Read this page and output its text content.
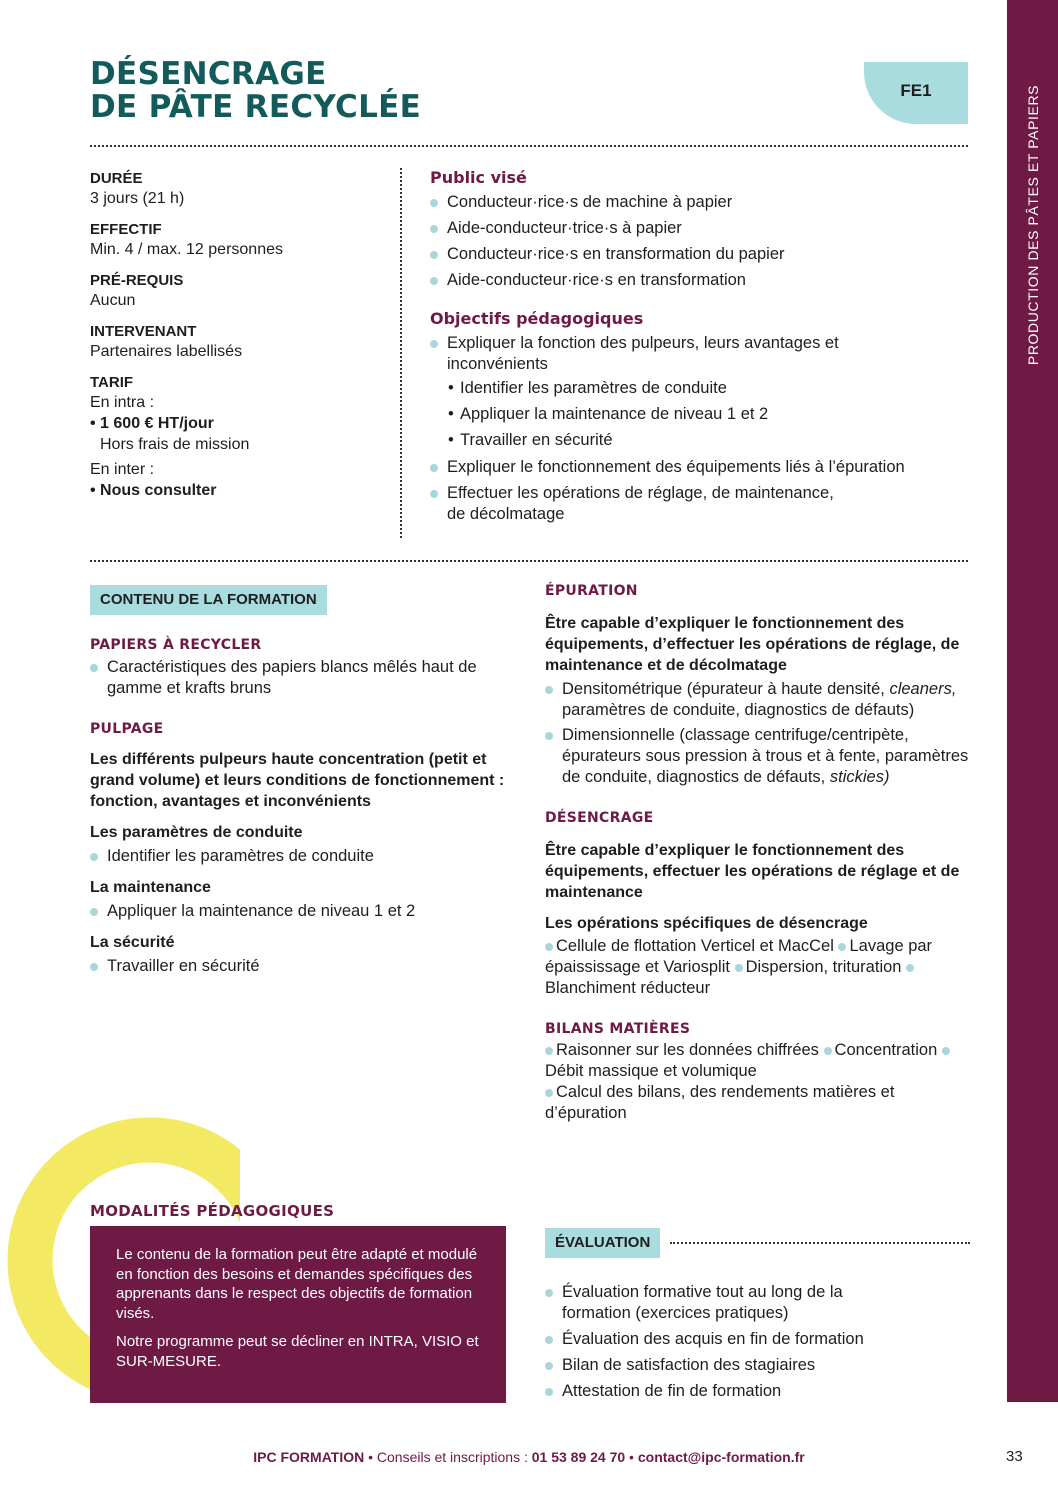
PRODUCTION DES PÂTES ET PAPIERS
DÉSENCRAGE
DE PÂTE RECYCLÉE	FE1
DURÉE
3 jours (21 h)
EFFECTIF
Min. 4 / max. 12 personnes
PRÉ-REQUIS
Aucun
INTERVENANT
Partenaires labellisés
TARIF
En intra :
• 1 600 € HT/jour
Hors frais de mission
En inter :
• Nous consulter
Public visé
Conducteur·rice·s de machine à papier
Aide-conducteur·trice·s à papier
Conducteur·rice·s en transformation du papier
Aide-conducteur·rice·s en transformation
Objectifs pédagogiques
Expliquer la fonction des pulpeurs, leurs avantages et inconvénients
• Identifier les paramètres de conduite
• Appliquer la maintenance de niveau 1 et 2
• Travailler en sécurité
Expliquer le fonctionnement des équipements liés à l’épuration
Effectuer les opérations de réglage, de maintenance,
de décolmatage
CONTENU DE LA FORMATION
PAPIERS À RECYCLER
Caractéristiques des papiers blancs mêlés haut de gamme et krafts bruns
PULPAGE
Les différents pulpeurs haute concentration (petit et grand volume) et leurs conditions de fonctionnement : fonction, avantages et inconvénients
Les paramètres de conduite
Identifier les paramètres de conduite
La maintenance
Appliquer la maintenance de niveau 1 et 2
La sécurité
Travailler en sécurité
ÉPURATION
Être capable d’expliquer le fonctionnement des équipements, d’effectuer les opérations de réglage, de maintenance et de décolmatage
Densitométrique (épurateur à haute densité, cleaners, paramètres de conduite, diagnostics de défauts)
Dimensionnelle (classage centrifuge/centripète, épurateurs sous pression à trous et à fente, paramètres de conduite, diagnostics de défauts, stickies)
DÉSENCRAGE
Être capable d’expliquer le fonctionnement des équipements, effectuer les opérations de réglage et de maintenance
Les opérations spécifiques de désencrage
Cellule de flottation Verticel et MacCel Lavage par épaississage et Variosplit Dispersion, trituration Blanchiment réducteur
BILANS MATIÈRES
Raisonner sur les données chiffrées Concentration Débit massique et volumique
Calcul des bilans, des rendements matières et d’épuration
MODALITÉS PÉDAGOGIQUES
Le contenu de la formation peut être adapté et modulé en fonction des besoins et demandes spécifiques des apprenants dans le respect des objectifs de formation visés.
Notre programme peut se décliner en INTRA, VISIO et SUR-MESURE.
ÉVALUATION
Évaluation formative tout au long de la formation (exercices pratiques)
Évaluation des acquis en fin de formation
Bilan de satisfaction des stagiaires
Attestation de fin de formation
IPC FORMATION • Conseils et inscriptions : 01 53 89 24 70 • contact@ipc-formation.fr	33
